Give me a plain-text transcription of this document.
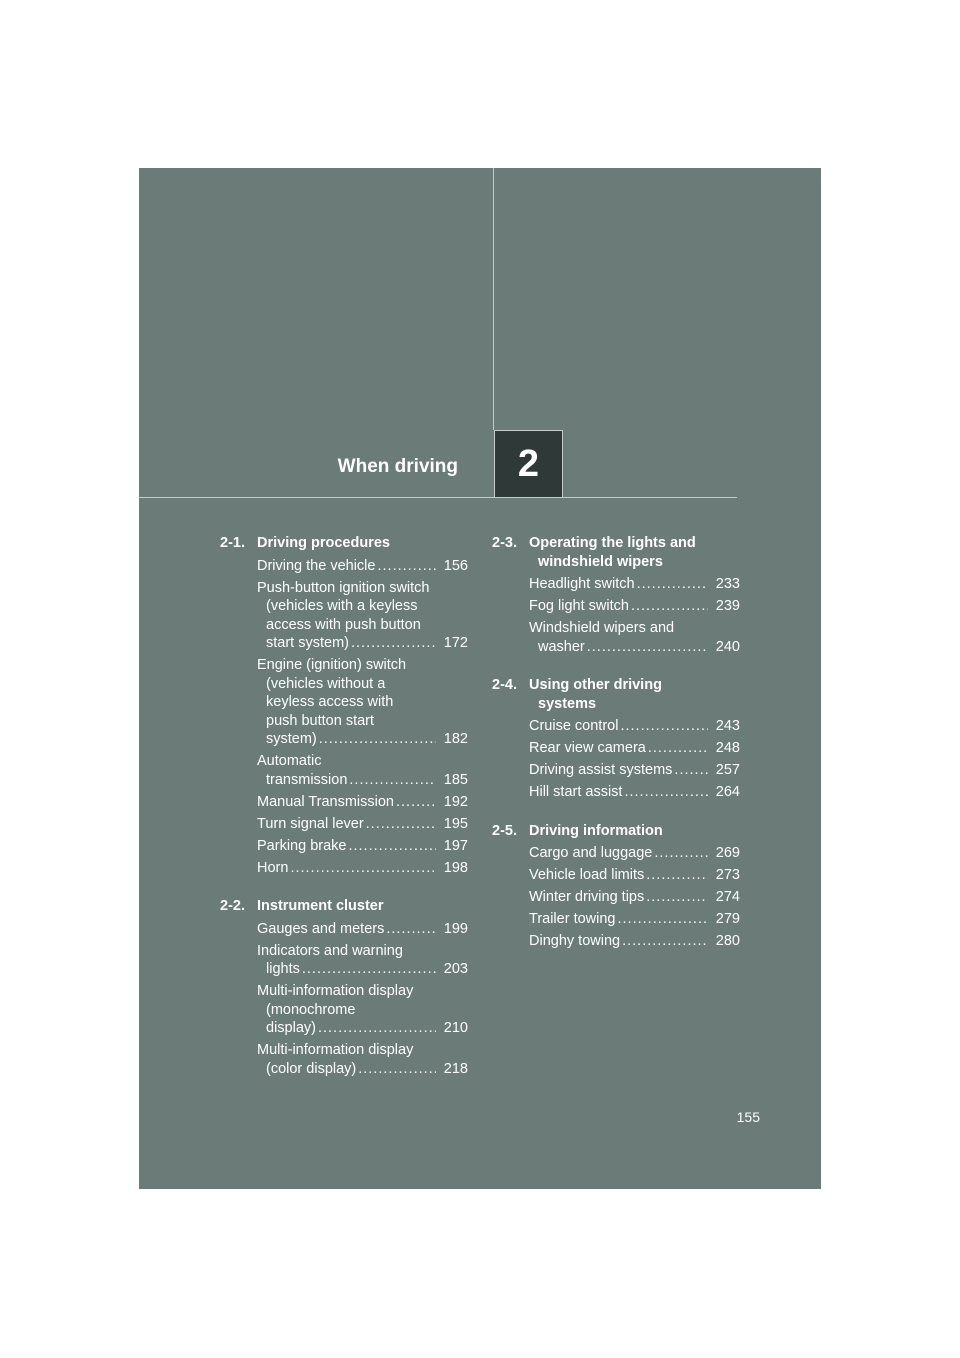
When driving 2
2-1. Driving procedures
Driving the vehicle .....	156
Push-button ignition switch
(vehicles with a keyless
access with push button
start system) .....	172
Engine (ignition) switch
(vehicles without a
keyless access with
push button start
system) .....	182
Automatic
transmission .....	185
Manual Transmission .....	192
Turn signal lever .....	195
Parking brake .....	197
Horn .....	198
2-2. Instrument cluster
Gauges and meters .....	199
Indicators and warning
lights .....	203
Multi-information display
(monochrome
display) .....	210
Multi-information display
(color display) .....	218
2-3. Operating the lights and
windshield wipers
Headlight switch .....	233
Fog light switch .....	239
Windshield wipers and
washer .....	240
2-4. Using other driving
systems
Cruise control .....	243
Rear view camera .....	248
Driving assist systems .....	257
Hill start assist .....	264
2-5. Driving information
Cargo and luggage .....	269
Vehicle load limits .....	273
Winter driving tips .....	274
Trailer towing .....	279
Dinghy towing .....	280
155
